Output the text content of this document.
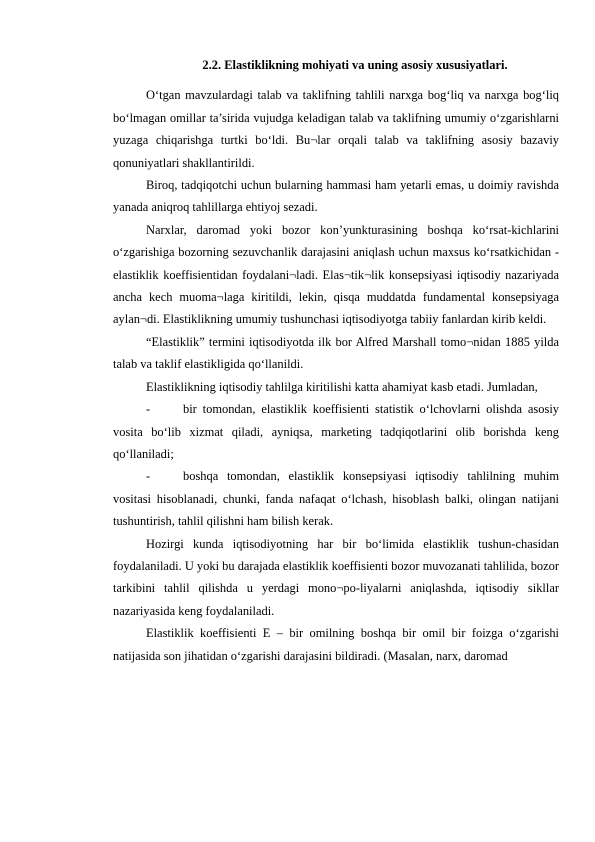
2.2. Elastiklikning mohiyati va uning asosiy xususiyatlari.

O‘tgan mavzulardagi talab va taklifning tahlili narxga bog‘liq va narxga bog‘liq bo‘lmagan omillar ta’sirida vujudga keladigan talab va taklifning umumiy o‘zgarishlarni yuzaga chiqarishga turtki bo‘ldi. Bu¬lar orqali talab va taklifning asosiy bazaviy qonuniyatlari shakllantirildi.

Biroq, tadqiqotchi uchun bularning hammasi ham yetarli emas, u doimiy ravishda yanada aniqroq tahlillarga ehtiyoj sezadi.

Narxlar, daromad yoki bozor kon’yunkturasining boshqa ko‘rsat-kichlarini o‘zgarishiga bozorning sezuvchanlik darajasini aniqlash uchun maxsus ko‘rsatkichidan - elastiklik koeffisientidan foydalani¬ladi. Elas¬tik¬lik konsepsiyasi iqtisodiy nazariyada ancha kech muoma¬laga kiritildi, lekin, qisqa muddatda fundamental konsepsiyaga aylan¬di. Elastiklikning umumiy tushunchasi iqtisodiyotga tabiiy fanlardan kirib keldi.

“Elastiklik” termini iqtisodiyotda ilk bor Alfred Marshall tomo¬nidan 1885 yilda talab va taklif elastikligida qo‘llanildi.

Elastiklikning iqtisodiy tahlilga kiritilishi katta ahamiyat kasb etadi. Jumladan,

-	bir tomondan, elastiklik koeffisienti statistik o‘lchovlarni olishda asosiy vosita bo‘lib xizmat qiladi, ayniqsa, marketing tadqiqotlarini olib borishda keng qo‘llaniladi;

-	boshqa tomondan, elastiklik konsepsiyasi iqtisodiy tahlilning muhim vositasi hisoblanadi, chunki, fanda nafaqat o‘lchash, hisoblash balki, olingan natijani tushuntirish, tahlil qilishni ham bilish kerak.

Hozirgi kunda iqtisodiyotning har bir bo‘limida elastiklik tushun-chasidan foydalaniladi. U yoki bu darajada elastiklik koeffisienti bozor muvozanati tahlilida, bozor tarkibini tahlil qilishda u yerdagi mono¬po-liyalarni aniqlashda, iqtisodiy sikllar nazariyasida keng foydalaniladi.

Elastiklik koeffisienti E – bir omilning boshqa bir omil bir foizga o‘zgarishi natijasida son jihatidan o‘zgarishi darajasini bildiradi. (Masalan, narx, daromad
